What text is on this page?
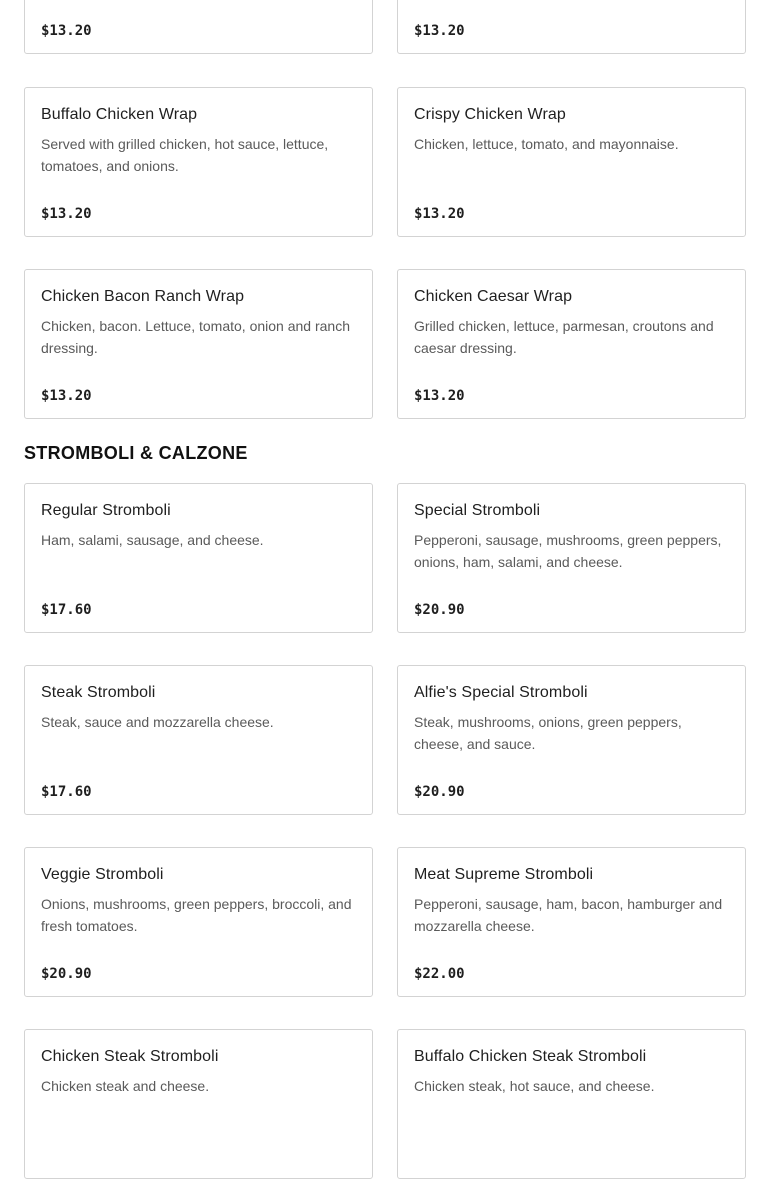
$13.20	$13.20
Buffalo Chicken Wrap
Served with grilled chicken, hot sauce, lettuce, tomatoes, and onions.
$13.20
Crispy Chicken Wrap
Chicken, lettuce, tomato, and mayonnaise.
$13.20
Chicken Bacon Ranch Wrap
Chicken, bacon. Lettuce, tomato, onion and ranch dressing.
$13.20
Chicken Caesar Wrap
Grilled chicken, lettuce, parmesan, croutons and caesar dressing.
$13.20
STROMBOLI & CALZONE
Regular Stromboli
Ham, salami, sausage, and cheese.
$17.60
Special Stromboli
Pepperoni, sausage, mushrooms, green peppers, onions, ham, salami, and cheese.
$20.90
Steak Stromboli
Steak, sauce and mozzarella cheese.
$17.60
Alfie's Special Stromboli
Steak, mushrooms, onions, green peppers, cheese, and sauce.
$20.90
Veggie Stromboli
Onions, mushrooms, green peppers, broccoli, and fresh tomatoes.
$20.90
Meat Supreme Stromboli
Pepperoni, sausage, ham, bacon, hamburger and mozzarella cheese.
$22.00
Chicken Steak Stromboli
Chicken steak and cheese.
Buffalo Chicken Steak Stromboli
Chicken steak, hot sauce, and cheese.
